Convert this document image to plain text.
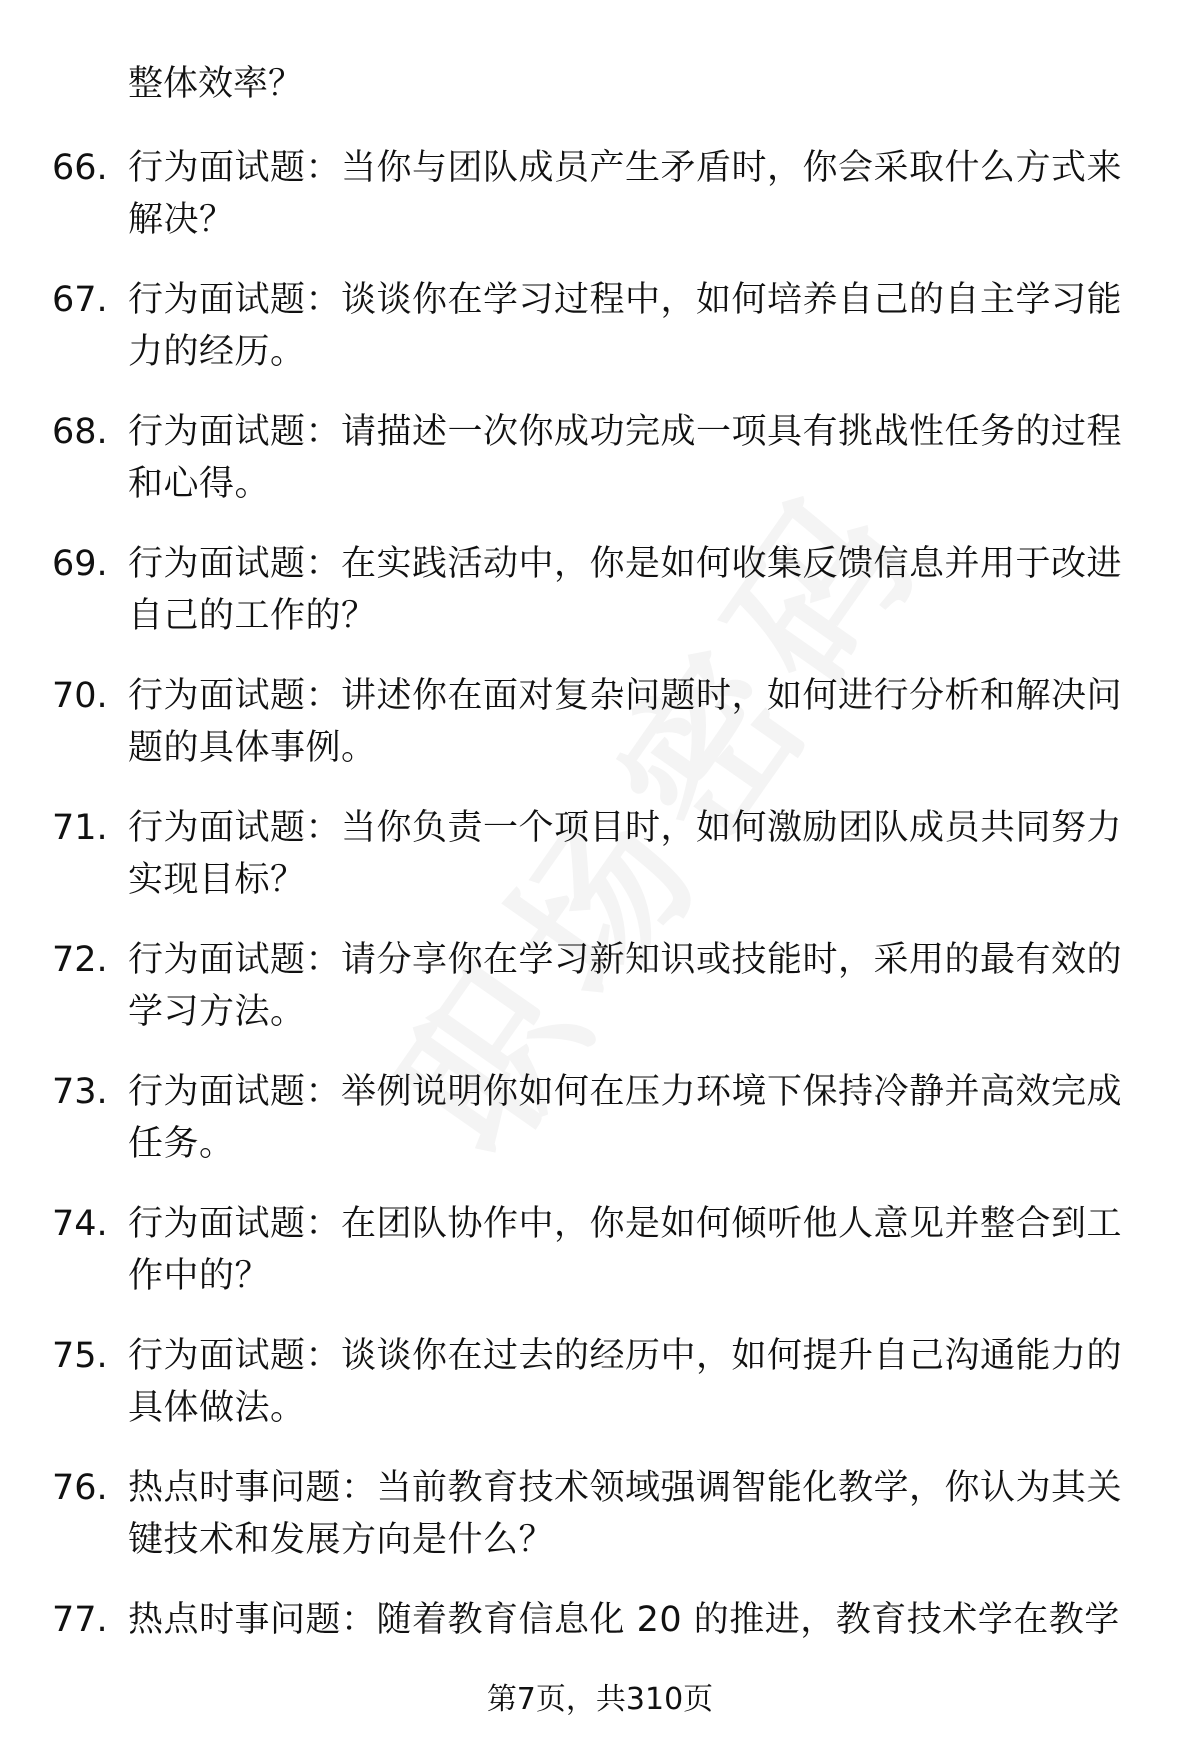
整体效率？
66. 行为面试题：当你与团队成员产生矛盾时，你会采取什么方式来解决？
67. 行为面试题：谈谈你在学习过程中，如何培养自己的自主学习能力的经历。
68. 行为面试题：请描述一次你成功完成一项具有挑战性任务的过程和心得。
69. 行为面试题：在实践活动中，你是如何收集反馈信息并用于改进自己的工作的？
70. 行为面试题：讲述你在面对复杂问题时，如何进行分析和解决问题的具体事例。
71. 行为面试题：当你负责一个项目时，如何激励团队成员共同努力实现目标？
72. 行为面试题：请分享你在学习新知识或技能时，采用的最有效的学习方法。
73. 行为面试题：举例说明你如何在压力环境下保持冷静并高效完成任务。
74. 行为面试题：在团队协作中，你是如何倾听他人意见并整合到工作中的？
75. 行为面试题：谈谈你在过去的经历中，如何提升自己沟通能力的具体做法。
76. 热点时事问题：当前教育技术领域强调智能化教学，你认为其关键技术和发展方向是什么？
77. 热点时事问题：随着教育信息化 20 的推进，教育技术学在教学
第7页，共310页
